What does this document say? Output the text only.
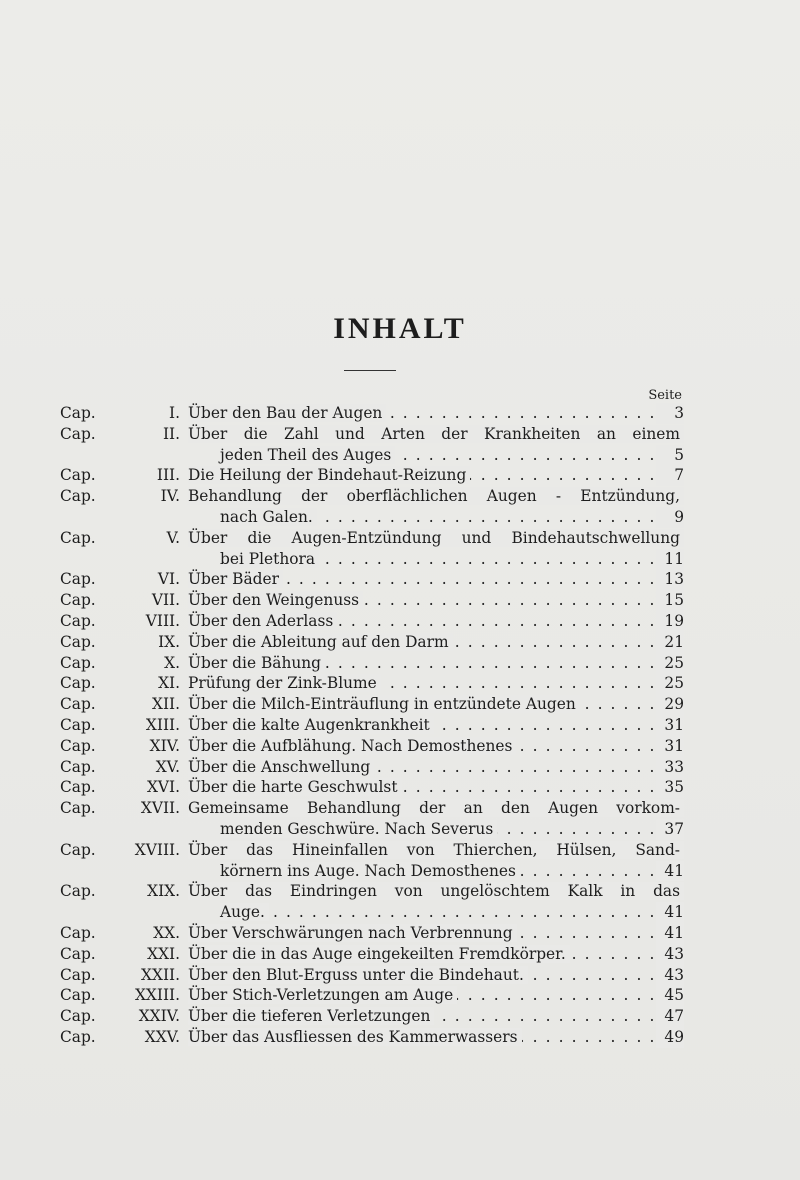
INHALT
Seite
Cap.	I. Über den Bau der Augen	3
. . .
Cap.	II. Über die Zahl und Arten der Krankheiten an einem
jeden Theil des Auges	5
. . .
Cap.	III. Die Heilung der Bindehaut-Reizung	7
. . .
Cap.	IV. Behandlung der oberflächlichen Augen - Entzündung,
nach Galen.	9
. . .
Cap.	V. Über die Augen-Entzündung und Bindehautschwellung
bei Plethora	11
. . .
Cap.	VI. Über Bäder	13
. . .
Cap.	VII. Über den Weingenuss	15
. . .
Cap.	VIII. Über den Aderlass	19
. . .
Cap.	IX. Über die Ableitung auf den Darm	21
. . .
Cap.	X. Über die Bähung	25
. . .
Cap.	XI. Prüfung der Zink-Blume	25
. . .
Cap.	XII. Über die Milch-Einträuflung in entzündete Augen	29
. . .
Cap.	XIII. Über die kalte Augenkrankheit	31
. . .
Cap.	XIV. Über die Aufblähung. Nach Demosthenes	31
. . .
Cap.	XV. Über die Anschwellung	33
. . .
Cap.	XVI. Über die harte Geschwulst	35
. . .
Cap.	XVII. Gemeinsame Behandlung der an den Augen vorkom-
menden Geschwüre. Nach Severus	37
. . .
Cap.	XVIII. Über das Hineinfallen von Thierchen, Hülsen, Sand-
körnern ins Auge. Nach Demosthenes	41
. . .
Cap.	XIX. Über das Eindringen von ungelöschtem Kalk in das
Auge.	41
. . .
Cap.	XX. Über Verschwärungen nach Verbrennung	41
. . .
Cap.	XXI. Über die in das Auge eingekeilten Fremdkörper.	43
. . .
Cap.	XXII. Über den Blut-Erguss unter die Bindehaut.	43
. . .
Cap.	XXIII. Über Stich-Verletzungen am Auge	45
. . .
Cap.	XXIV. Über die tieferen Verletzungen	47
. . .
Cap.	XXV. Über das Ausfliessen des Kammerwassers	49
. . .
